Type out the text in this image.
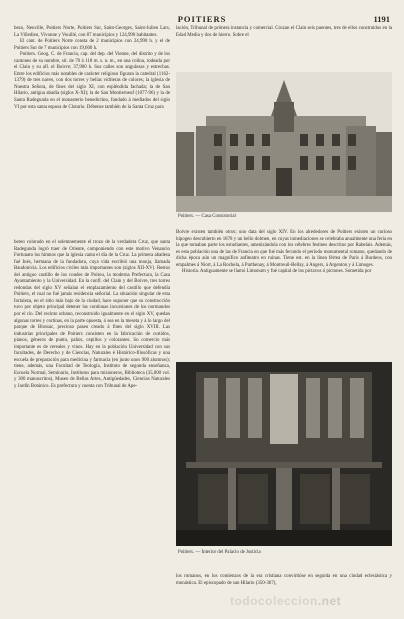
POITIERS	1191

bezo, Neuville, Poitiers Norte, Poitiers Sur, Saint-Georges, Saint-Julien Lars, La Villedieu, Vivonne y Vouillé, con 87 municipios y 124,990 habitantes.

El cant. de Poitiers Norte consta de 2 municipios con 24,990 h. y el de Poitiers Sur de 7 municipios con 19,600 h.

Poitiers. Geog. C. de Francia, cap. del dep. del Vienne, del distrito y de los cantones de su nombre, sit. de 70 á 118 m. s. n. m., en una colina, rodeada por el Clain y su afl. el Boivre; 37,900 h. Sus calles son angulosas y estrechas. Entre los edificios más notables de carácter religioso figuran la catedral (1162-1379) de tres naves, con dos torres y bellas vidrieras de colores; la iglesia de Nuestra Señora, de fines del siglo XI, con espléndida fachada; la de San Hilario, antigua abadía (siglos X-XI); la de San Montierneuf (1077-96) y la de Santa Radegunda en el monasterio benedictino, fundado á mediados del siglo VI por esta santa esposa de Clotario. Débense también de la Santa Cruz para

bereo colorado en el solemnemente el trozo de la verdadera Cruz, que santa Radegunda logró traer de Oriente, componiendo con este motivo Venancio Fortunato los himnos que la iglesia canta el día de la Cruz. La primera abadesa fué Inés, hermana de la fundadora, cuya vida escribió una monja, llamada Baudonivia. Los edificios civiles más importantes son (siglos XII-XV). Restos del antiguo castillo de los condes de Poitou, la moderna Prefectura, la Casa Ayuntamiento y la Universidad. En la confl. del Clain y del Boivre, tres torres redondas del siglo XV señalan el emplazamiento del castillo que defendía Poitiers, el cual no fué jamás residencia señorial. La situación singular de esta fortaleza, en el sitio más bajo de la ciudad, hace suponer que su construcción tuvo por objeto principal detener las continuas incursiones de los normandos por el río. Del recinto urbano, reconstruido igualmente en el siglo XV, quedan algunas torres y cortinas, en la parte opuesta, ó sea en la meseta y á lo largo del parque de Blossac, precioso paseo creado á fines del siglo XVIII. Las industrias principales de Poitiers consisten en la fabricación de curtidos, pianos, géneros de punto, paños, cepillos y colorantes. Su comercio más importante es de cereales y vinos. Hay en la población Universidad con sus facultades, de Derecho y de Ciencias, Naturales é Histórico-filosóficas y una escuela de preparación para medicina y farmacia (en junto unos 900 alumnos); tiene, además, una Facultad de Teología, Instituto de segunda enseñanza, Escuela Normal, Seminario, Institutos para misioneros, Biblioteca (35,000 vol. y 300 manuscritos), Museo de Bellas Artes, Antigüedades, Ciencias Naturales y Jardín Botánico. Es prefectura y cuenta con Tribunal de Ape-

lación, Tribunal de primera instancia y comercial. Cruzan el Clain seis puentes, tres de ellos construidos en la Edad Media y dos de hierro. Sobre el

Poitiers. — Casa Consistorial

Boivre existen también otros; uno data del siglo XIV. En los alrededores de Poitiers existen un curioso hipogeo descubierto en 1878 y un bello dolmen, en cuyas inmediaciones se celebraba anualmente una feria en la que tomaban parte los estudiantes, amenizándola con los célebres festines descritos por Rabelais. Además, es esta población una de las de Francia en que fué más fecundo el período monumental romano, quedando de dicha época aún un magnífico anfiteatro en ruinas. Tiene est. en la línea férrea de París á Burdeos, con empalmes á Niort, á La Rochela, á Parthenay, á Montreuil-Bellay, á Angers, á Argenton y á Limoges.

Historia. Antiguamente se llamó Limonum y fué capital de los pictavos ó pictones. Sometida por

Poitiers. — Interior del Palacio de Justicia

los romanos, en los comienzos de la era cristiana convirtióse en seguida en una ciudad eclesiástica y monástica. El episcopado de san Hilario (350-367),

todocoleccion.net
